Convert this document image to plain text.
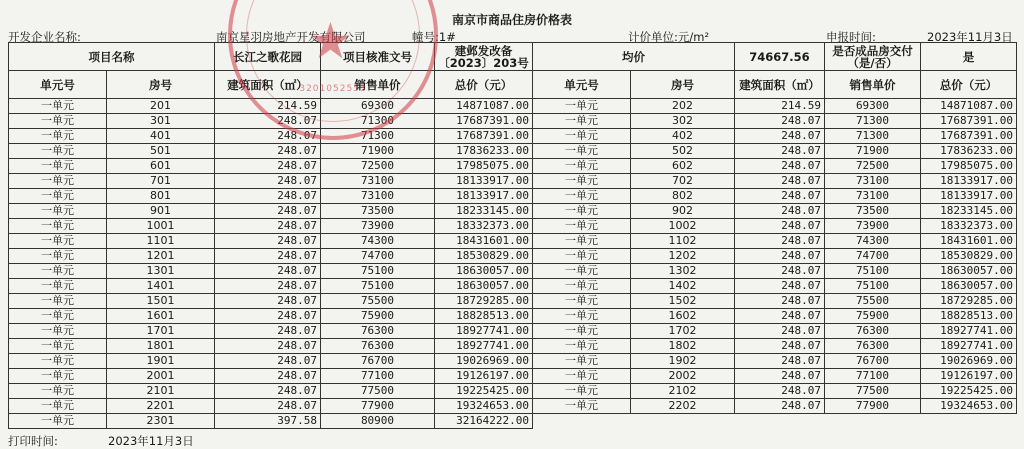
★
3201052553
南京市商品住房价格表
开发企业名称:	南京星羽房地产开发有限公司	幢号:1#	计价单位:元/m²	申报时间:	2023年11月3日
项目名称		长江之歌花园	项目核准文号	建邺发改备〔2023〕203号	均价		74667.56	是否成品房交付（是/否）	是
单元号	房号	建筑面积（㎡）	销售单价	总价（元）	单元号	房号	建筑面积（㎡）	销售单价	总价（元）
一单元	201	214.59	69300	14871087.00	一单元	202	214.59	69300	14871087.00
一单元	301	248.07	71300	17687391.00	一单元	302	248.07	71300	17687391.00
一单元	401	248.07	71300	17687391.00	一单元	402	248.07	71300	17687391.00
一单元	501	248.07	71900	17836233.00	一单元	502	248.07	71900	17836233.00
一单元	601	248.07	72500	17985075.00	一单元	602	248.07	72500	17985075.00
一单元	701	248.07	73100	18133917.00	一单元	702	248.07	73100	18133917.00
一单元	801	248.07	73100	18133917.00	一单元	802	248.07	73100	18133917.00
一单元	901	248.07	73500	18233145.00	一单元	902	248.07	73500	18233145.00
一单元	1001	248.07	73900	18332373.00	一单元	1002	248.07	73900	18332373.00
一单元	1101	248.07	74300	18431601.00	一单元	1102	248.07	74300	18431601.00
一单元	1201	248.07	74700	18530829.00	一单元	1202	248.07	74700	18530829.00
一单元	1301	248.07	75100	18630057.00	一单元	1302	248.07	75100	18630057.00
一单元	1401	248.07	75100	18630057.00	一单元	1402	248.07	75100	18630057.00
一单元	1501	248.07	75500	18729285.00	一单元	1502	248.07	75500	18729285.00
一单元	1601	248.07	75900	18828513.00	一单元	1602	248.07	75900	18828513.00
一单元	1701	248.07	76300	18927741.00	一单元	1702	248.07	76300	18927741.00
一单元	1801	248.07	76300	18927741.00	一单元	1802	248.07	76300	18927741.00
一单元	1901	248.07	76700	19026969.00	一单元	1902	248.07	76700	19026969.00
一单元	2001	248.07	77100	19126197.00	一单元	2002	248.07	77100	19126197.00
一单元	2101	248.07	77500	19225425.00	一单元	2102	248.07	77500	19225425.00
一单元	2201	248.07	77900	19324653.00	一单元	2202	248.07	77900	19324653.00
一单元	2301	397.58	80900	32164222.00					
打印时间:	2023年11月3日
